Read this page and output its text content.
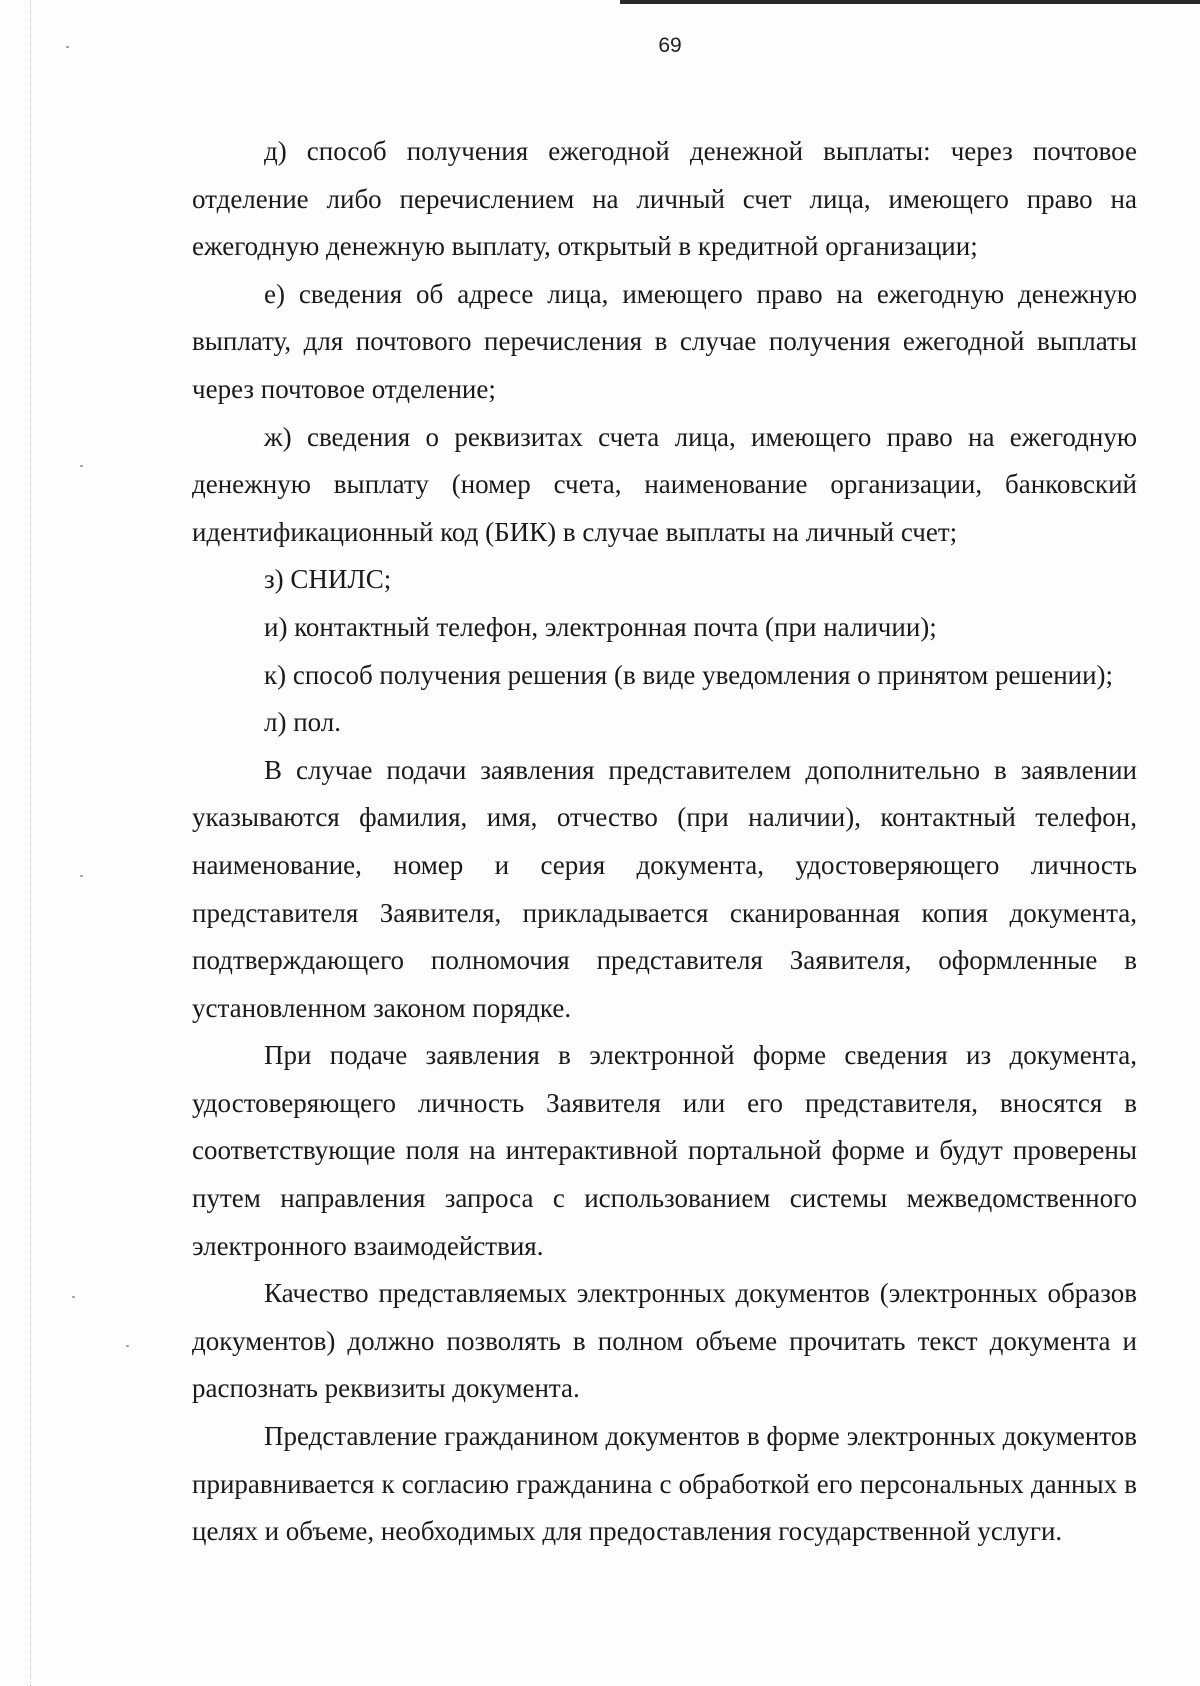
69

д) способ получения ежегодной денежной выплаты: через почтовое отделение либо перечислением на личный счет лица, имеющего право на ежегодную денежную выплату, открытый в кредитной организации;

е) сведения об адресе лица, имеющего право на ежегодную денежную выплату, для почтового перечисления в случае получения ежегодной выплаты через почтовое отделение;

ж) сведения о реквизитах счета лица, имеющего право на ежегодную денежную выплату (номер счета, наименование организации, банковский идентификационный код (БИК) в случае выплаты на личный счет;

з) СНИЛС;

и) контактный телефон, электронная почта (при наличии);

к) способ получения решения (в виде уведомления о принятом решении);

л) пол.

В случае подачи заявления представителем дополнительно в заявлении указываются фамилия, имя, отчество (при наличии), контактный телефон, наименование, номер и серия документа, удостоверяющего личность представителя Заявителя, прикладывается сканированная копия документа, подтверждающего полномочия представителя Заявителя, оформленные в установленном законом порядке.

При подаче заявления в электронной форме сведения из документа, удостоверяющего личность Заявителя или его представителя, вносятся в соответствующие поля на интерактивной портальной форме и будут проверены путем направления запроса с использованием системы межведомственного электронного взаимодействия.

Качество представляемых электронных документов (электронных образов документов) должно позволять в полном объеме прочитать текст документа и распознать реквизиты документа.

Представление гражданином документов в форме электронных документов приравнивается к согласию гражданина с обработкой его персональных данных в целях и объеме, необходимых для предоставления государственной услуги.
